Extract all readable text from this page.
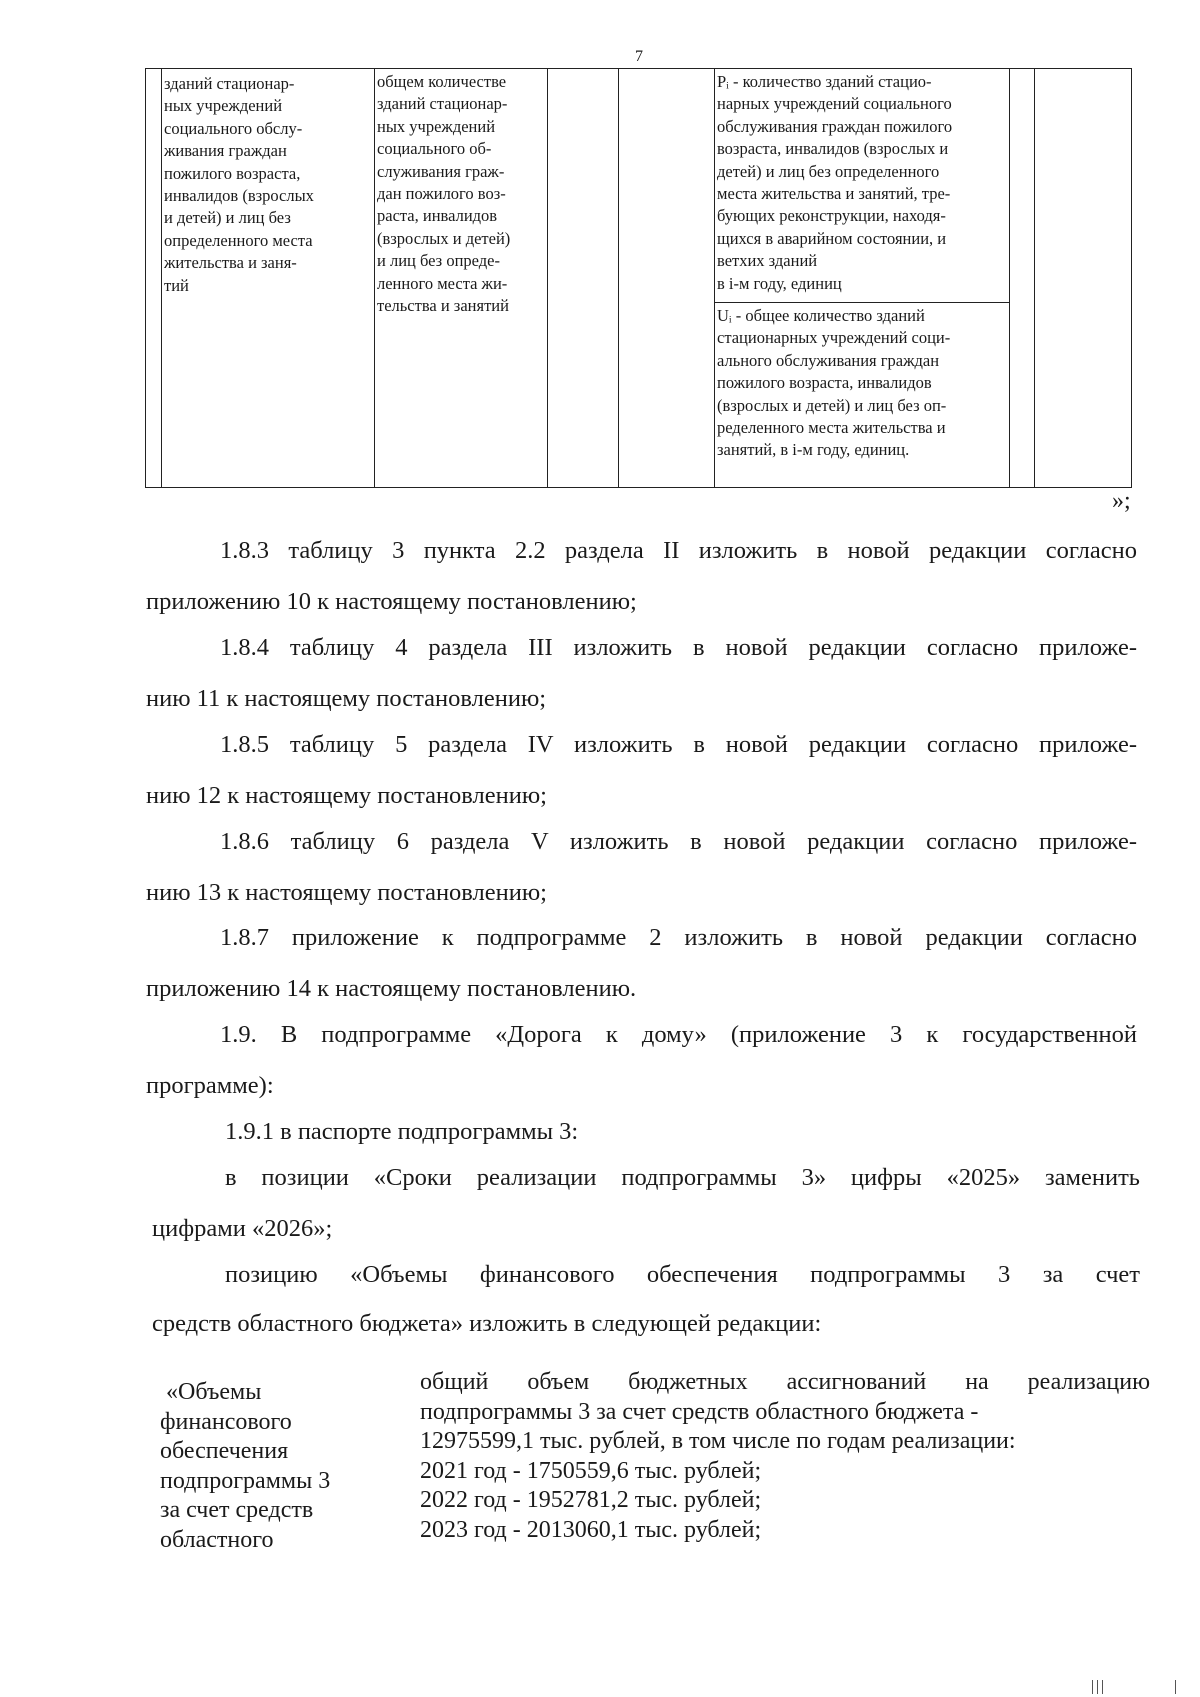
7
зданий стационар-
ных учреждений
социального обслу-
живания граждан
пожилого возраста,
инвалидов (взрослых
и детей) и лиц без
определенного места
жительства и заня-
тий
общем количестве
зданий стационар-
ных учреждений
социального об-
служивания граж-
дан пожилого воз-
раста, инвалидов
(взрослых и детей)
и лиц без опреде-
ленного места жи-
тельства и занятий
Pᵢ - количество зданий стацио-
нарных учреждений социального
обслуживания граждан пожилого
возраста, инвалидов (взрослых и
детей) и лиц без определенного
места жительства и занятий, тре-
бующих реконструкции, находя-
щихся в аварийном состоянии, и
ветхих зданий
в i-м году, единиц
Uᵢ - общее количество зданий
стационарных учреждений соци-
ального обслуживания граждан
пожилого возраста, инвалидов
(взрослых и детей) и лиц без оп-
ределенного места жительства и
занятий, в i-м году, единиц.
»;
1.8.3 таблицу 3 пункта 2.2 раздела II изложить в новой редакции согласно
приложению 10 к настоящему постановлению;
1.8.4 таблицу 4 раздела III изложить в новой редакции согласно приложе-
нию 11 к настоящему постановлению;
1.8.5 таблицу 5 раздела IV изложить в новой редакции согласно приложе-
нию 12 к настоящему постановлению;
1.8.6 таблицу 6 раздела V изложить в новой редакции согласно приложе-
нию 13 к настоящему постановлению;
1.8.7 приложение к подпрограмме 2 изложить в новой редакции согласно
приложению 14 к настоящему постановлению.
1.9. В подпрограмме «Дорога к дому» (приложение 3 к государственной
программе):
1.9.1 в паспорте подпрограммы 3:
в позиции «Сроки реализации подпрограммы 3» цифры «2025» заменить
цифрами «2026»;
позицию «Объемы финансового обеспечения подпрограммы 3 за счет
средств областного бюджета» изложить в следующей редакции:
«Объемы
финансового
обеспечения
подпрограммы 3
за счет средств
областного
общий объем бюджетных ассигнований на реализацию
подпрограммы 3 за счет средств областного бюджета -
12975599,1 тыс. рублей, в том числе по годам реализации:
2021 год - 1750559,6 тыс. рублей;
2022 год - 1952781,2 тыс. рублей;
2023 год - 2013060,1 тыс. рублей;
